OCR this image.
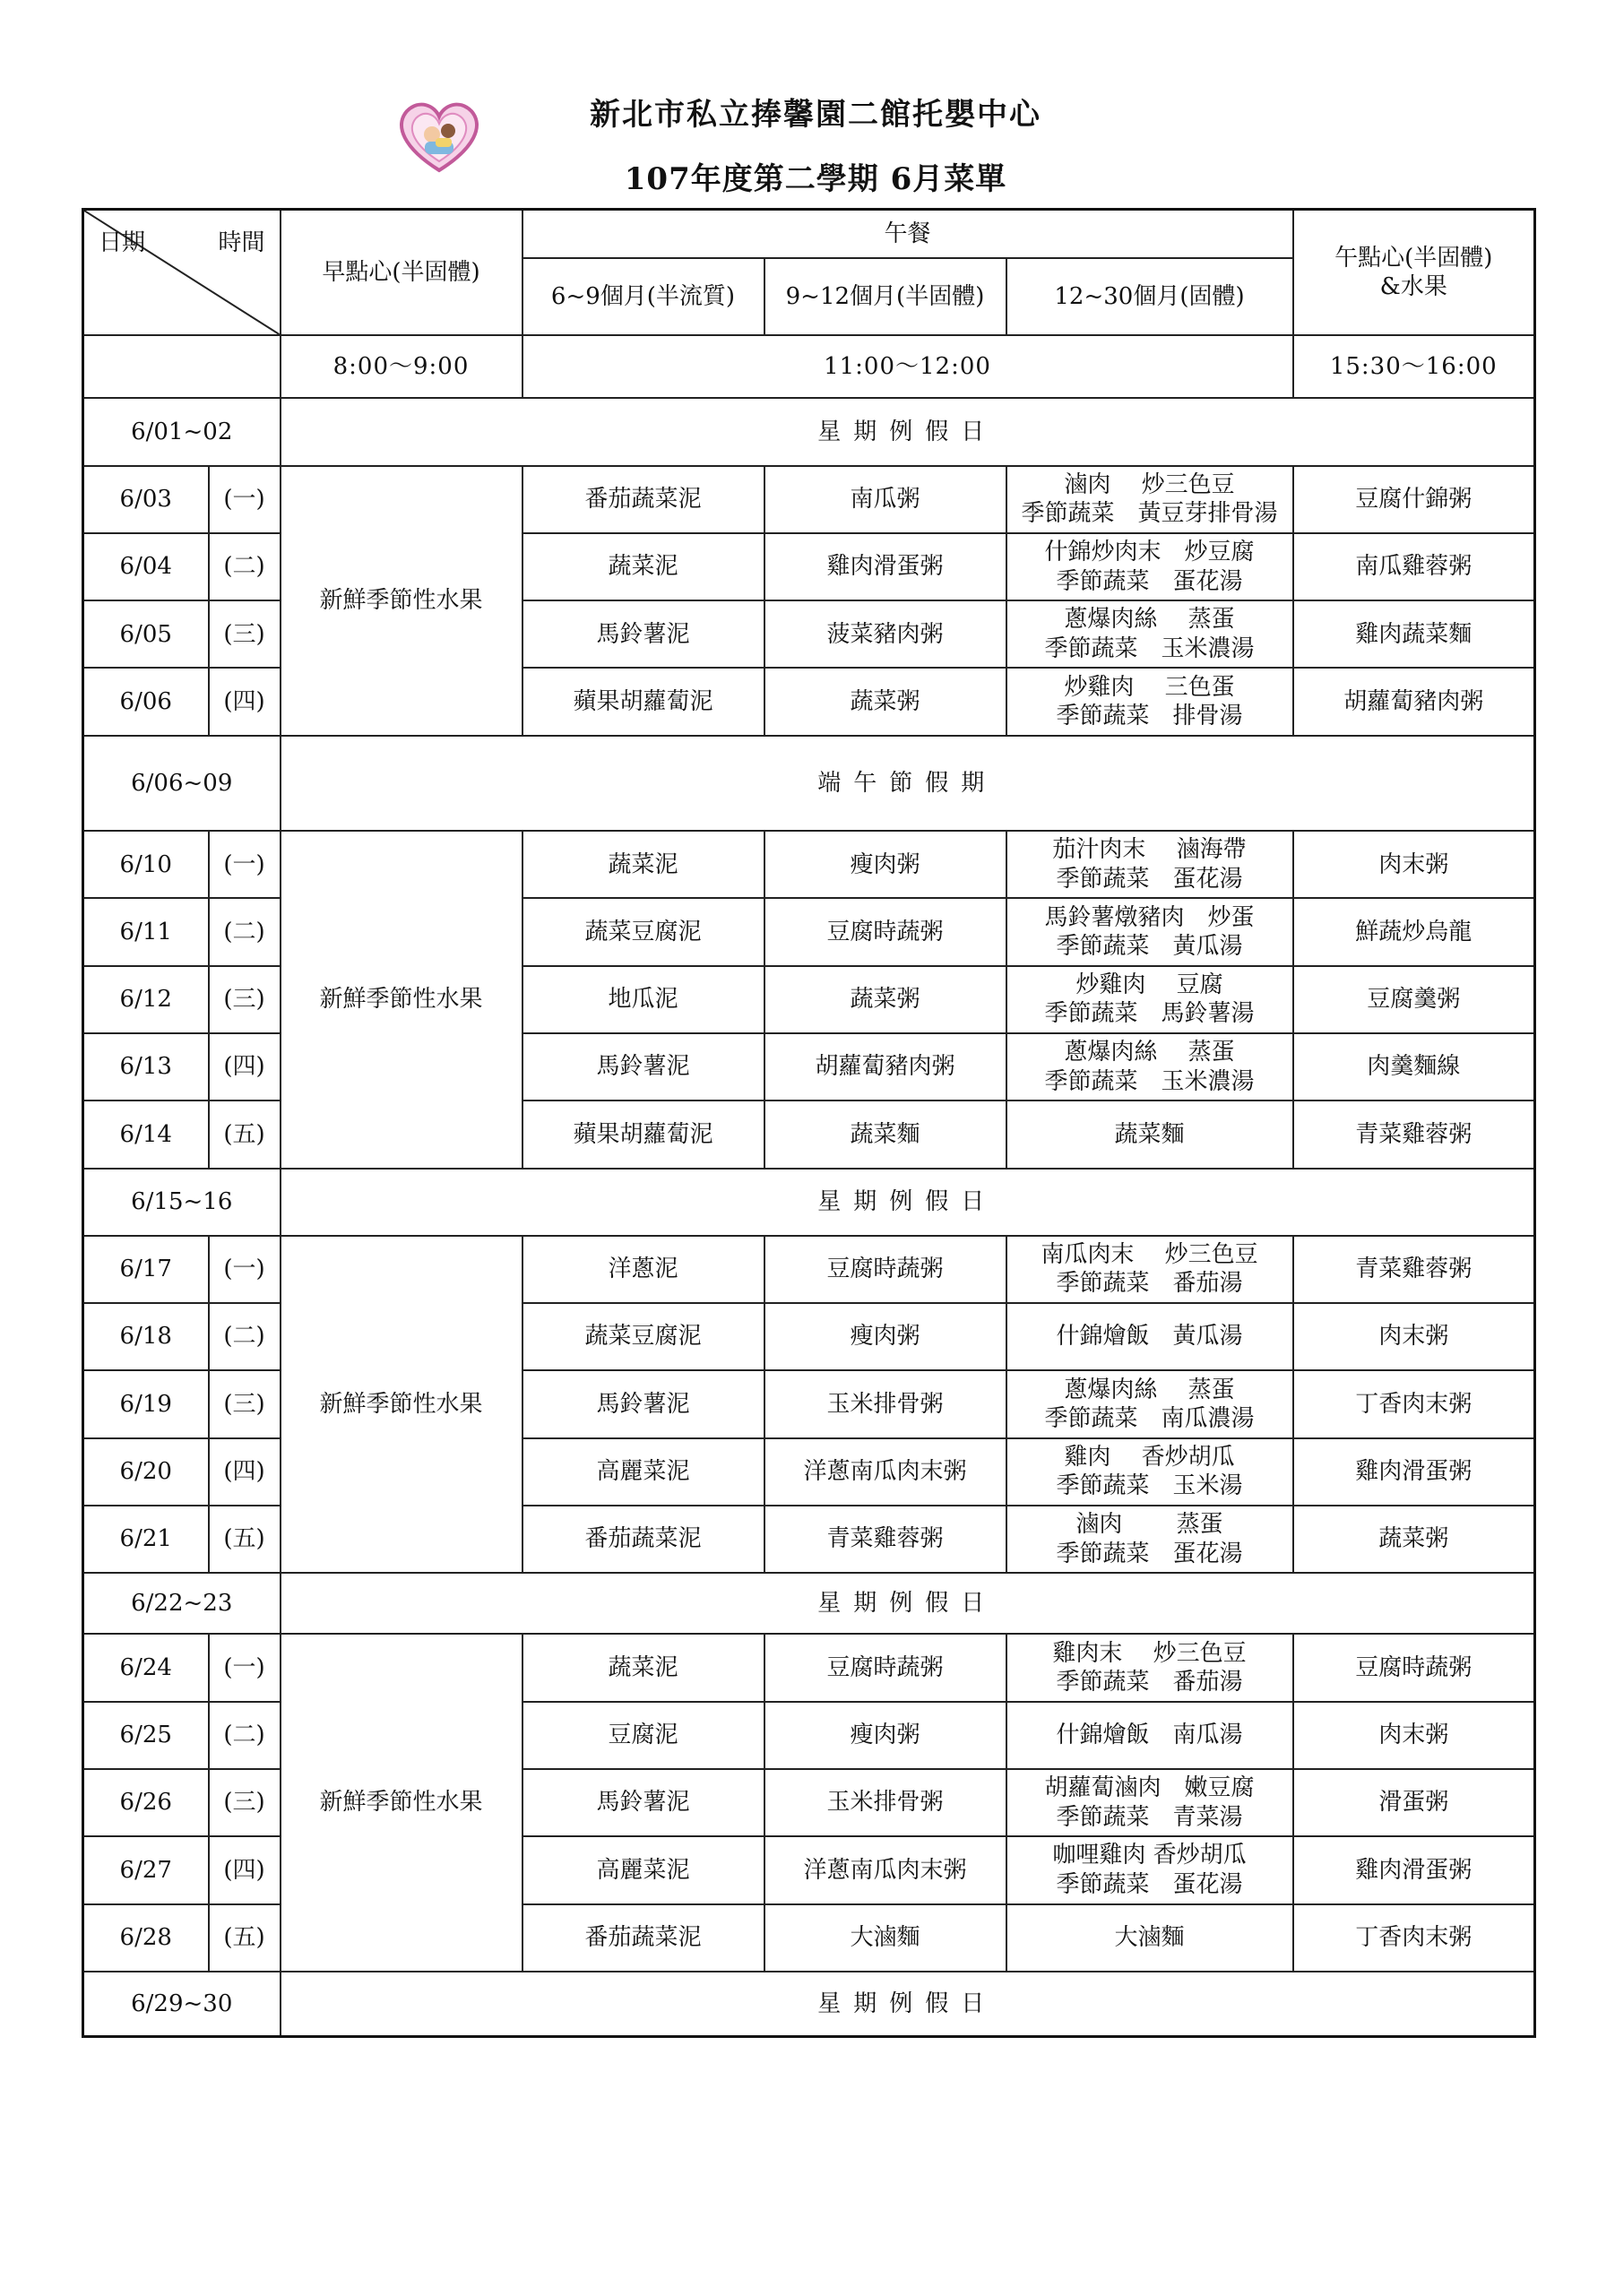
新北市私立捧馨園二館托嬰中心
107年度第二學期 6月菜單
日期 時間		早點心(半固體)	午餐			午點心(半固體)
&水果

			6~9個月(半流質)	9~12個月(半固體)	12~30個月(固體)	
		8:00～9:00	11:00～12:00			15:30～16:00
6/01~02		星期例假日				
6/03	(一)	新鮮季節性水果	番茄蔬菜泥	南瓜粥	滷肉　 炒三色豆
季節蔬菜　黃豆芽排骨湯	豆腐什錦粥
6/04	(二)		蔬菜泥	雞肉滑蛋粥	什錦炒肉末　炒豆腐
季節蔬菜　蛋花湯	南瓜雞蓉粥
6/05	(三)		馬鈴薯泥	菠菜豬肉粥	蔥爆肉絲　 蒸蛋
季節蔬菜　玉米濃湯	雞肉蔬菜麵
6/06	(四)		蘋果胡蘿蔔泥	蔬菜粥	炒雞肉　 三色蛋
季節蔬菜　排骨湯	胡蘿蔔豬肉粥
6/06~09		端午節假期				
6/10	(一)	新鮮季節性水果	蔬菜泥	瘦肉粥	茄汁肉末　 滷海帶
季節蔬菜　蛋花湯	肉末粥
6/11	(二)		蔬菜豆腐泥	豆腐時蔬粥	馬鈴薯燉豬肉　炒蛋
季節蔬菜　黃瓜湯	鮮蔬炒烏龍
6/12	(三)		地瓜泥	蔬菜粥	炒雞肉　 豆腐
季節蔬菜　馬鈴薯湯	豆腐羹粥
6/13	(四)		馬鈴薯泥	胡蘿蔔豬肉粥	蔥爆肉絲　 蒸蛋
季節蔬菜　玉米濃湯	肉羹麵線
6/14	(五)		蘋果胡蘿蔔泥	蔬菜麵	蔬菜麵	青菜雞蓉粥
6/15~16		星期例假日				
6/17	(一)	新鮮季節性水果	洋蔥泥	豆腐時蔬粥	南瓜肉末　 炒三色豆
季節蔬菜　番茄湯	青菜雞蓉粥
6/18	(二)		蔬菜豆腐泥	瘦肉粥	什錦燴飯　黃瓜湯	肉末粥
6/19	(三)		馬鈴薯泥	玉米排骨粥	蔥爆肉絲　 蒸蛋
季節蔬菜　南瓜濃湯	丁香肉末粥
6/20	(四)		高麗菜泥	洋蔥南瓜肉末粥	雞肉　 香炒胡瓜
季節蔬菜　玉米湯	雞肉滑蛋粥
6/21	(五)		番茄蔬菜泥	青菜雞蓉粥	滷肉　　 蒸蛋
季節蔬菜　蛋花湯	蔬菜粥
6/22~23		星期例假日				
6/24	(一)	新鮮季節性水果	蔬菜泥	豆腐時蔬粥	雞肉末　 炒三色豆
季節蔬菜　番茄湯	豆腐時蔬粥
6/25	(二)		豆腐泥	瘦肉粥	什錦燴飯　南瓜湯	肉末粥
6/26	(三)		馬鈴薯泥	玉米排骨粥	胡蘿蔔滷肉　嫩豆腐
季節蔬菜　青菜湯	滑蛋粥
6/27	(四)		高麗菜泥	洋蔥南瓜肉末粥	咖哩雞肉 香炒胡瓜
季節蔬菜　蛋花湯	雞肉滑蛋粥
6/28	(五)		番茄蔬菜泥	大滷麵	大滷麵	丁香肉末粥
6/29~30		星期例假日				
